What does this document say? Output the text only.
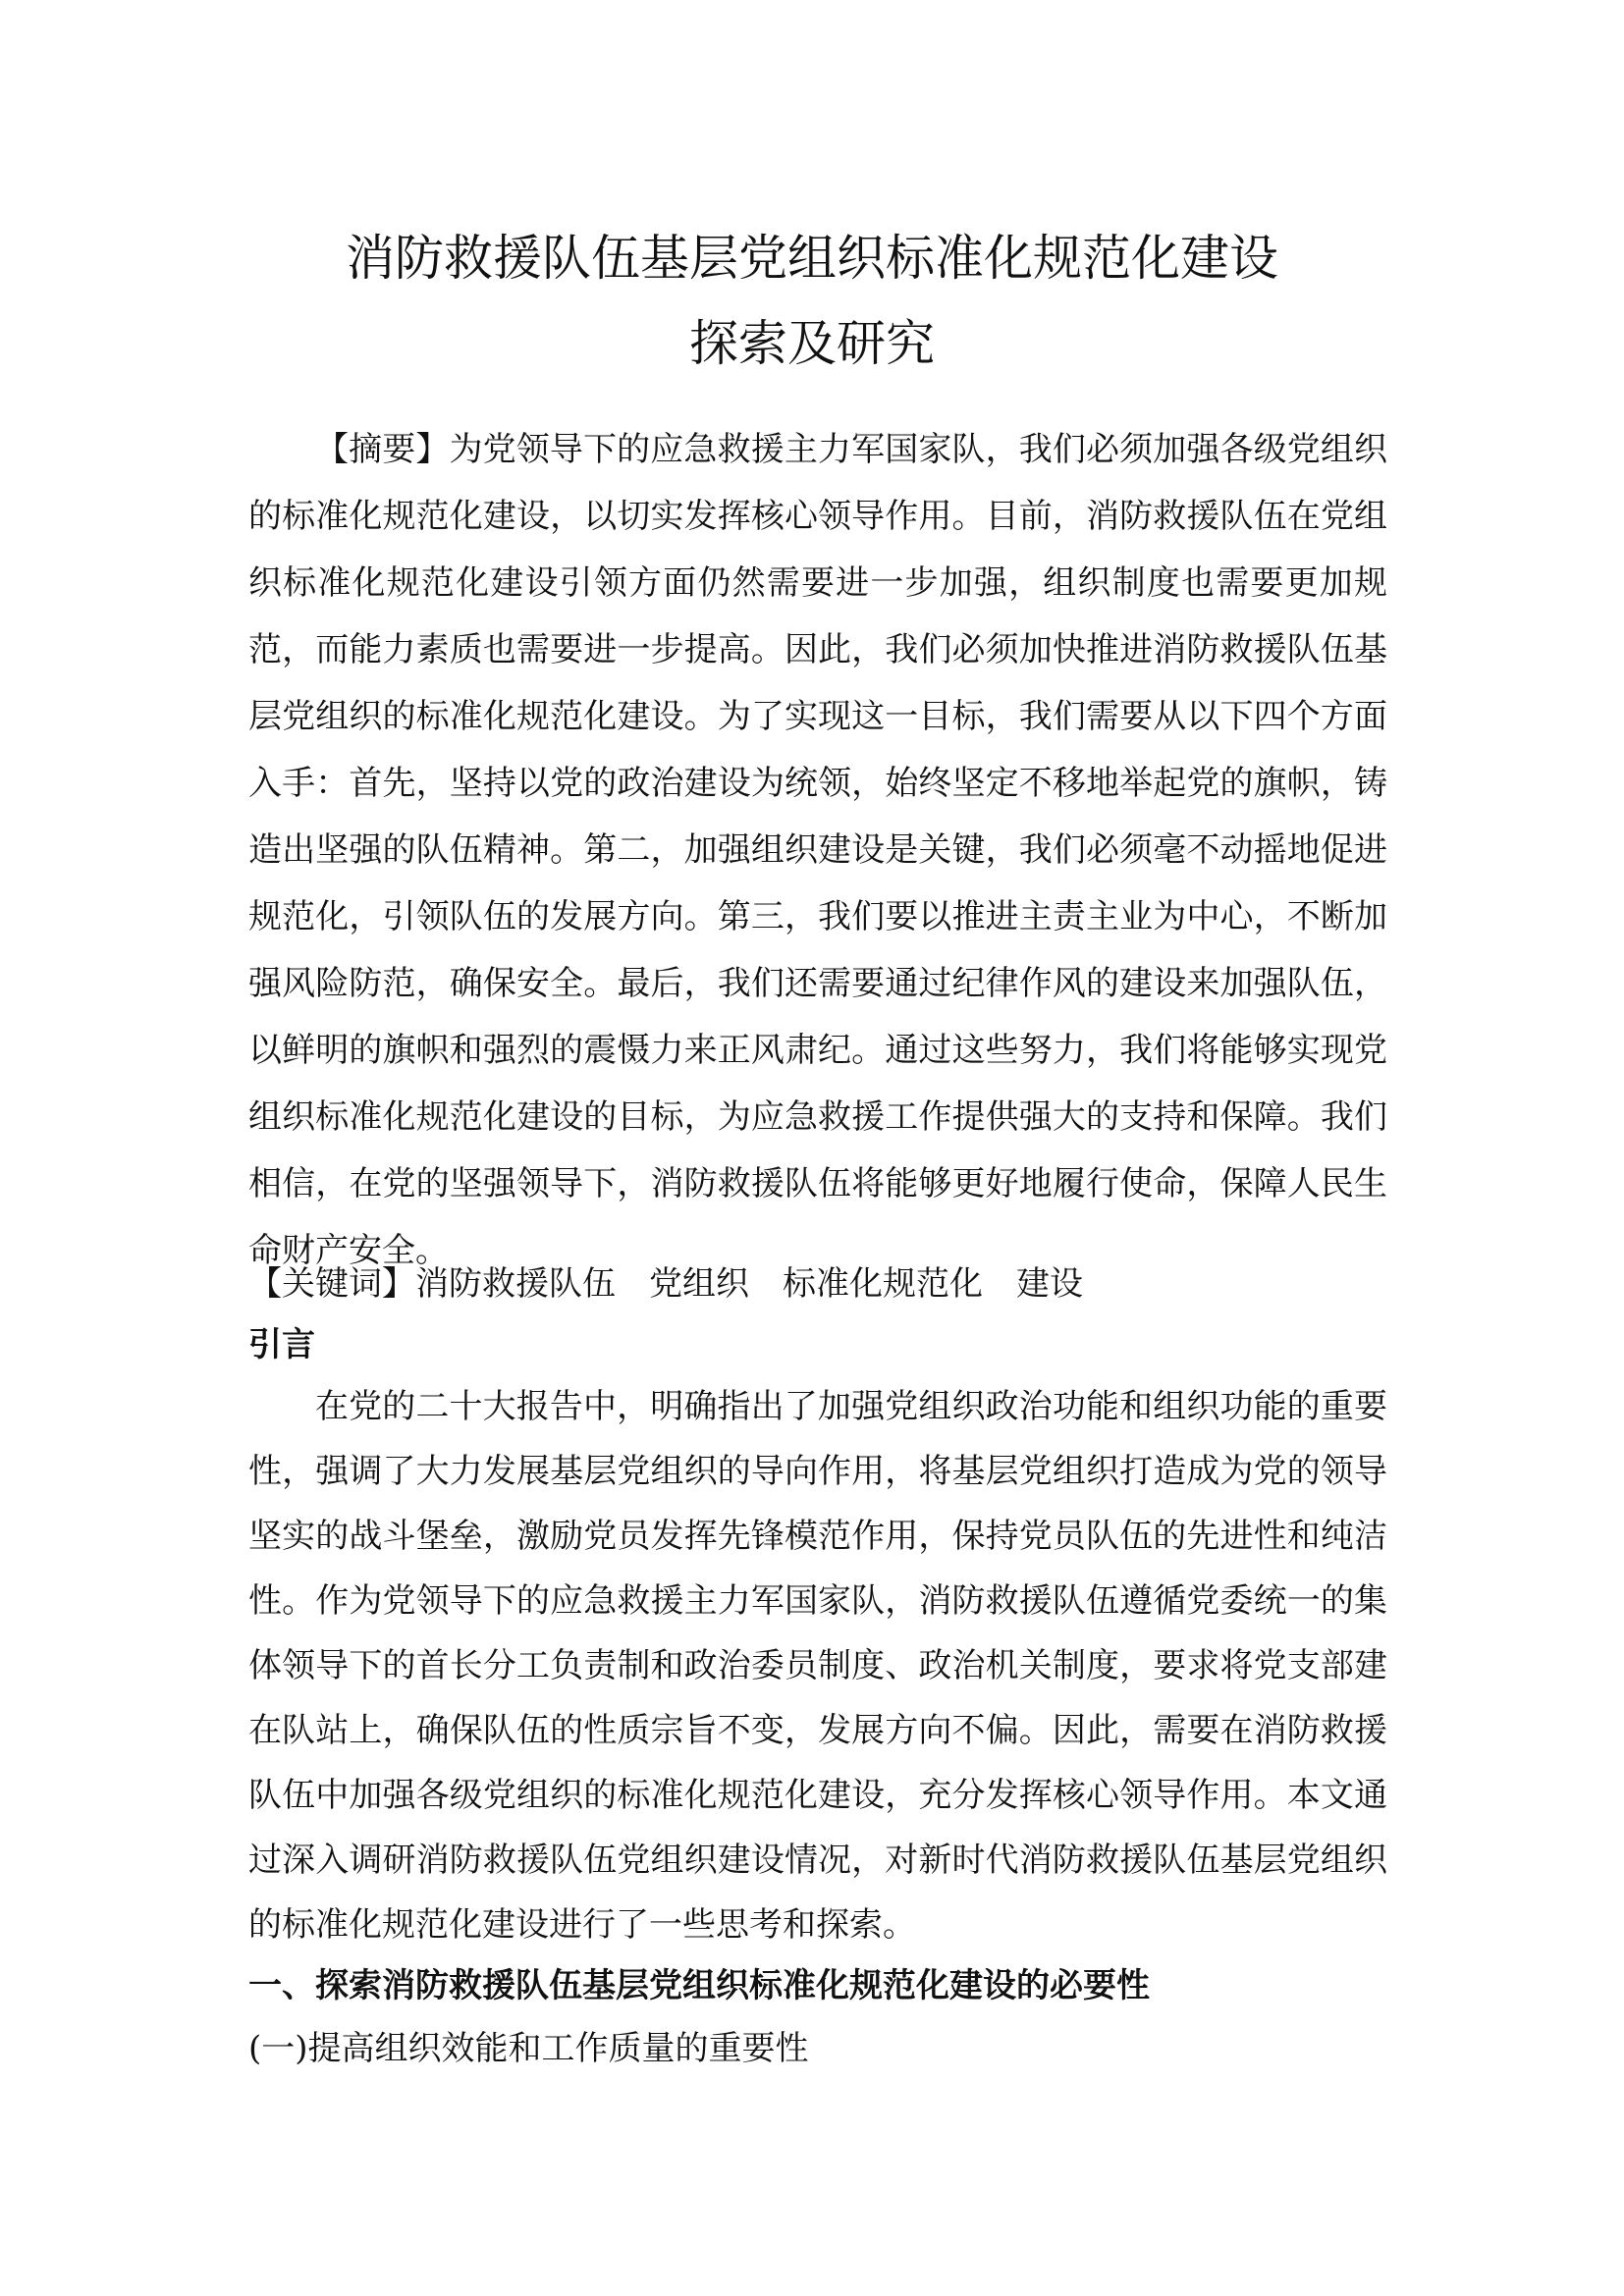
消防救援队伍基层党组织标准化规范化建设
探索及研究
【摘要】为党领导下的应急救援主力军国家队，我们必须加强各级党组织
的标准化规范化建设，以切实发挥核心领导作用。目前，消防救援队伍在党组
织标准化规范化建设引领方面仍然需要进一步加强，组织制度也需要更加规
范，而能力素质也需要进一步提高。因此，我们必须加快推进消防救援队伍基
层党组织的标准化规范化建设。为了实现这一目标，我们需要从以下四个方面
入手：首先，坚持以党的政治建设为统领，始终坚定不移地举起党的旗帜，铸
造出坚强的队伍精神。第二，加强组织建设是关键，我们必须毫不动摇地促进
规范化，引领队伍的发展方向。第三，我们要以推进主责主业为中心，不断加
强风险防范，确保安全。最后，我们还需要通过纪律作风的建设来加强队伍，
以鲜明的旗帜和强烈的震慑力来正风肃纪。通过这些努力，我们将能够实现党
组织标准化规范化建设的目标，为应急救援工作提供强大的支持和保障。我们
相信，在党的坚强领导下，消防救援队伍将能够更好地履行使命，保障人民生
命财产安全。
【关键词】消防救援队伍 党组织 标准化规范化 建设
引言
在党的二十大报告中，明确指出了加强党组织政治功能和组织功能的重要
性，强调了大力发展基层党组织的导向作用，将基层党组织打造成为党的领导
坚实的战斗堡垒，激励党员发挥先锋模范作用，保持党员队伍的先进性和纯洁
性。作为党领导下的应急救援主力军国家队，消防救援队伍遵循党委统一的集
体领导下的首长分工负责制和政治委员制度、政治机关制度，要求将党支部建
在队站上，确保队伍的性质宗旨不变，发展方向不偏。因此，需要在消防救援
队伍中加强各级党组织的标准化规范化建设，充分发挥核心领导作用。本文通
过深入调研消防救援队伍党组织建设情况，对新时代消防救援队伍基层党组织
的标准化规范化建设进行了一些思考和探索。
一、探索消防救援队伍基层党组织标准化规范化建设的必要性
(一)提高组织效能和工作质量的重要性
